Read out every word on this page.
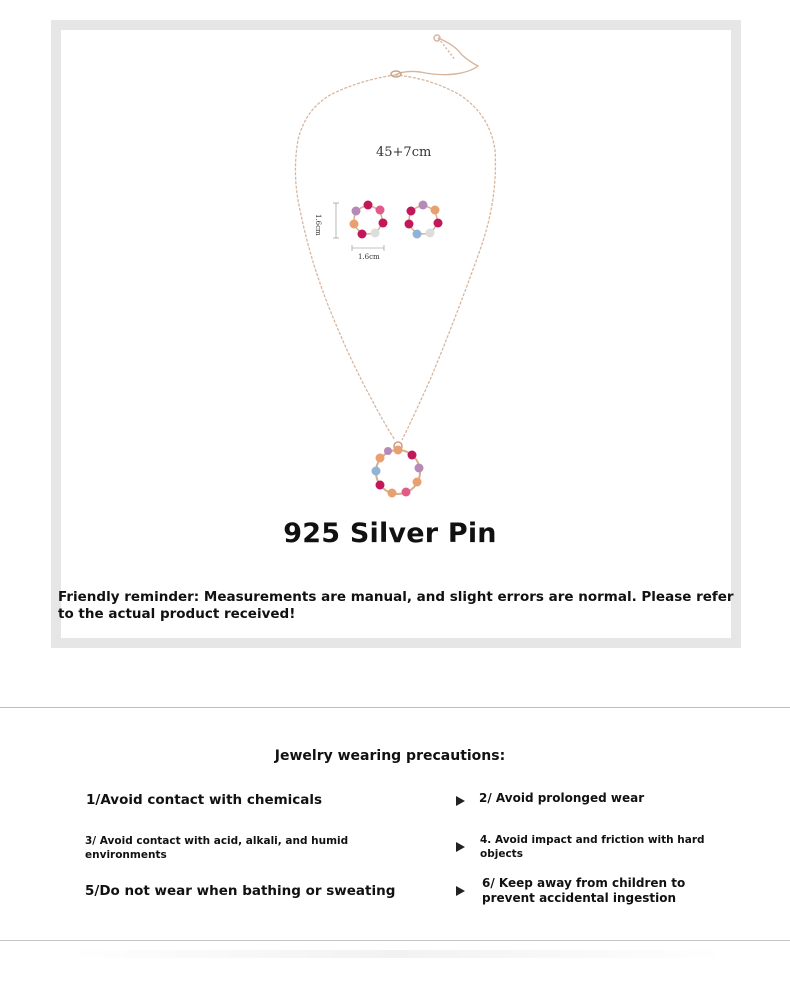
45+7cm
1.6cm
1.6cm
925 Silver Pin
Friendly reminder: Measurements are manual, and slight errors are normal. Please refer to the actual product received!
Jewelry wearing precautions:
1/Avoid contact with chemicals	2/ Avoid prolonged wear
3/ Avoid contact with acid, alkali, and humid environments
4. Avoid impact and friction with hard objects
5/Do not wear when bathing or sweating	6/ Keep away from children to prevent accidental ingestion
